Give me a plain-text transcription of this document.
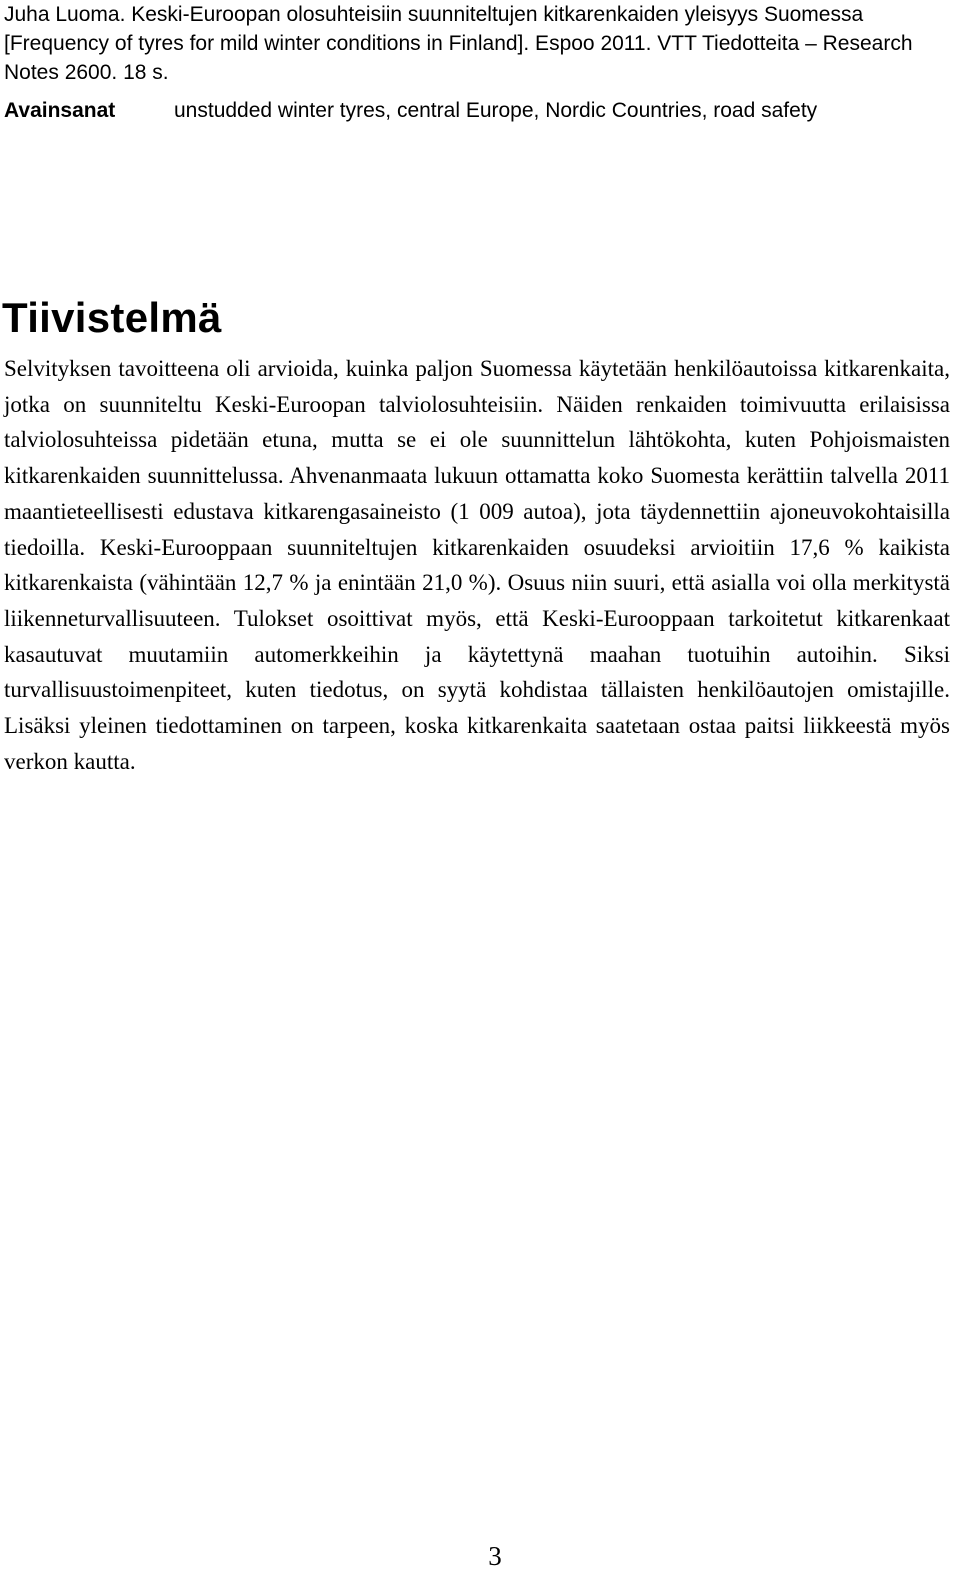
Juha Luoma. Keski-Euroopan olosuhteisiin suunniteltujen kitkarenkaiden yleisyys Suomessa [Frequency of tyres for mild winter conditions in Finland]. Espoo 2011. VTT Tiedotteita – Research Notes 2600. 18 s.

Avainsanat	unstudded winter tyres, central Europe, Nordic Countries, road safety
Tiivistelmä

Selvityksen tavoitteena oli arvioida, kuinka paljon Suomessa käytetään henkilöautoissa kitkarenkaita, jotka on suunniteltu Keski-Euroopan talviolosuhteisiin. Näiden renkaiden toimivuutta erilaisissa talviolosuhteissa pidetään etuna, mutta se ei ole suunnittelun lähtökohta, kuten Pohjoismaisten kitkarenkaiden suunnittelussa. Ahvenanmaata lukuun ottamatta koko Suomesta kerättiin talvella 2011 maantieteellisesti edustava kitkarengasaineisto (1 009 autoa), jota täydennettiin ajoneuvokohtaisilla tiedoilla. Keski-Eurooppaan suunniteltujen kitkarenkaiden osuudeksi arvioitiin 17,6 % kaikista kitkarenkaista (vähintään 12,7 % ja enintään 21,0 %). Osuus niin suuri, että asialla voi olla merkitystä liikenneturvallisuuteen. Tulokset osoittivat myös, että Keski-Eurooppaan tarkoitetut kitkarenkaat kasautuvat muutamiin automerkkeihin ja käytettynä maahan tuotuihin autoihin. Siksi turvallisuustoimenpiteet, kuten tiedotus, on syytä kohdistaa tällaisten henkilöautojen omistajille. Lisäksi yleinen tiedottaminen on tarpeen, koska kitkarenkaita saatetaan ostaa paitsi liikkeestä myös verkon kautta.

3
